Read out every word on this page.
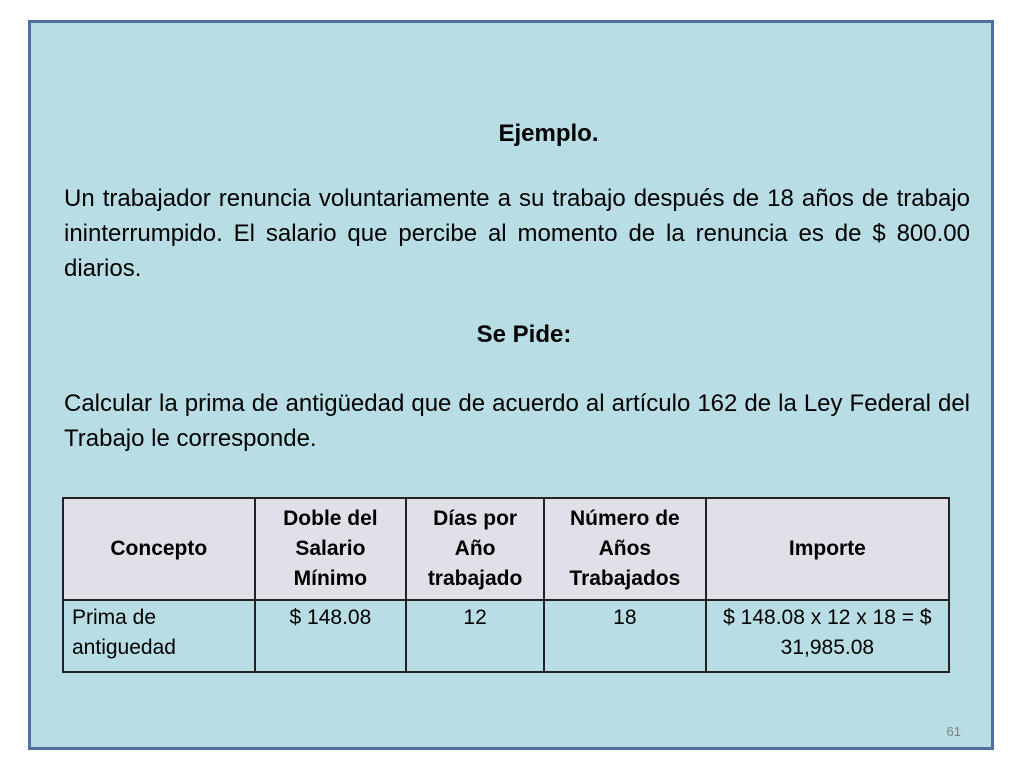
Ejemplo.

Un trabajador renuncia voluntariamente a su trabajo después de 18 años de trabajo ininterrumpido. El salario que percibe al momento de la renuncia es de $ 800.00 diarios.

Se Pide:

Calcular la prima de antigüedad que de acuerdo al artículo 162 de la Ley Federal del Trabajo le corresponde.

Concepto	Doble del Salario Mínimo	Días por Año trabajado	Número de Años Trabajados	Importe
Prima de antiguedad	$ 148.08	12	18	$ 148.08 x 12 x 18 = $ 31,985.08
61
